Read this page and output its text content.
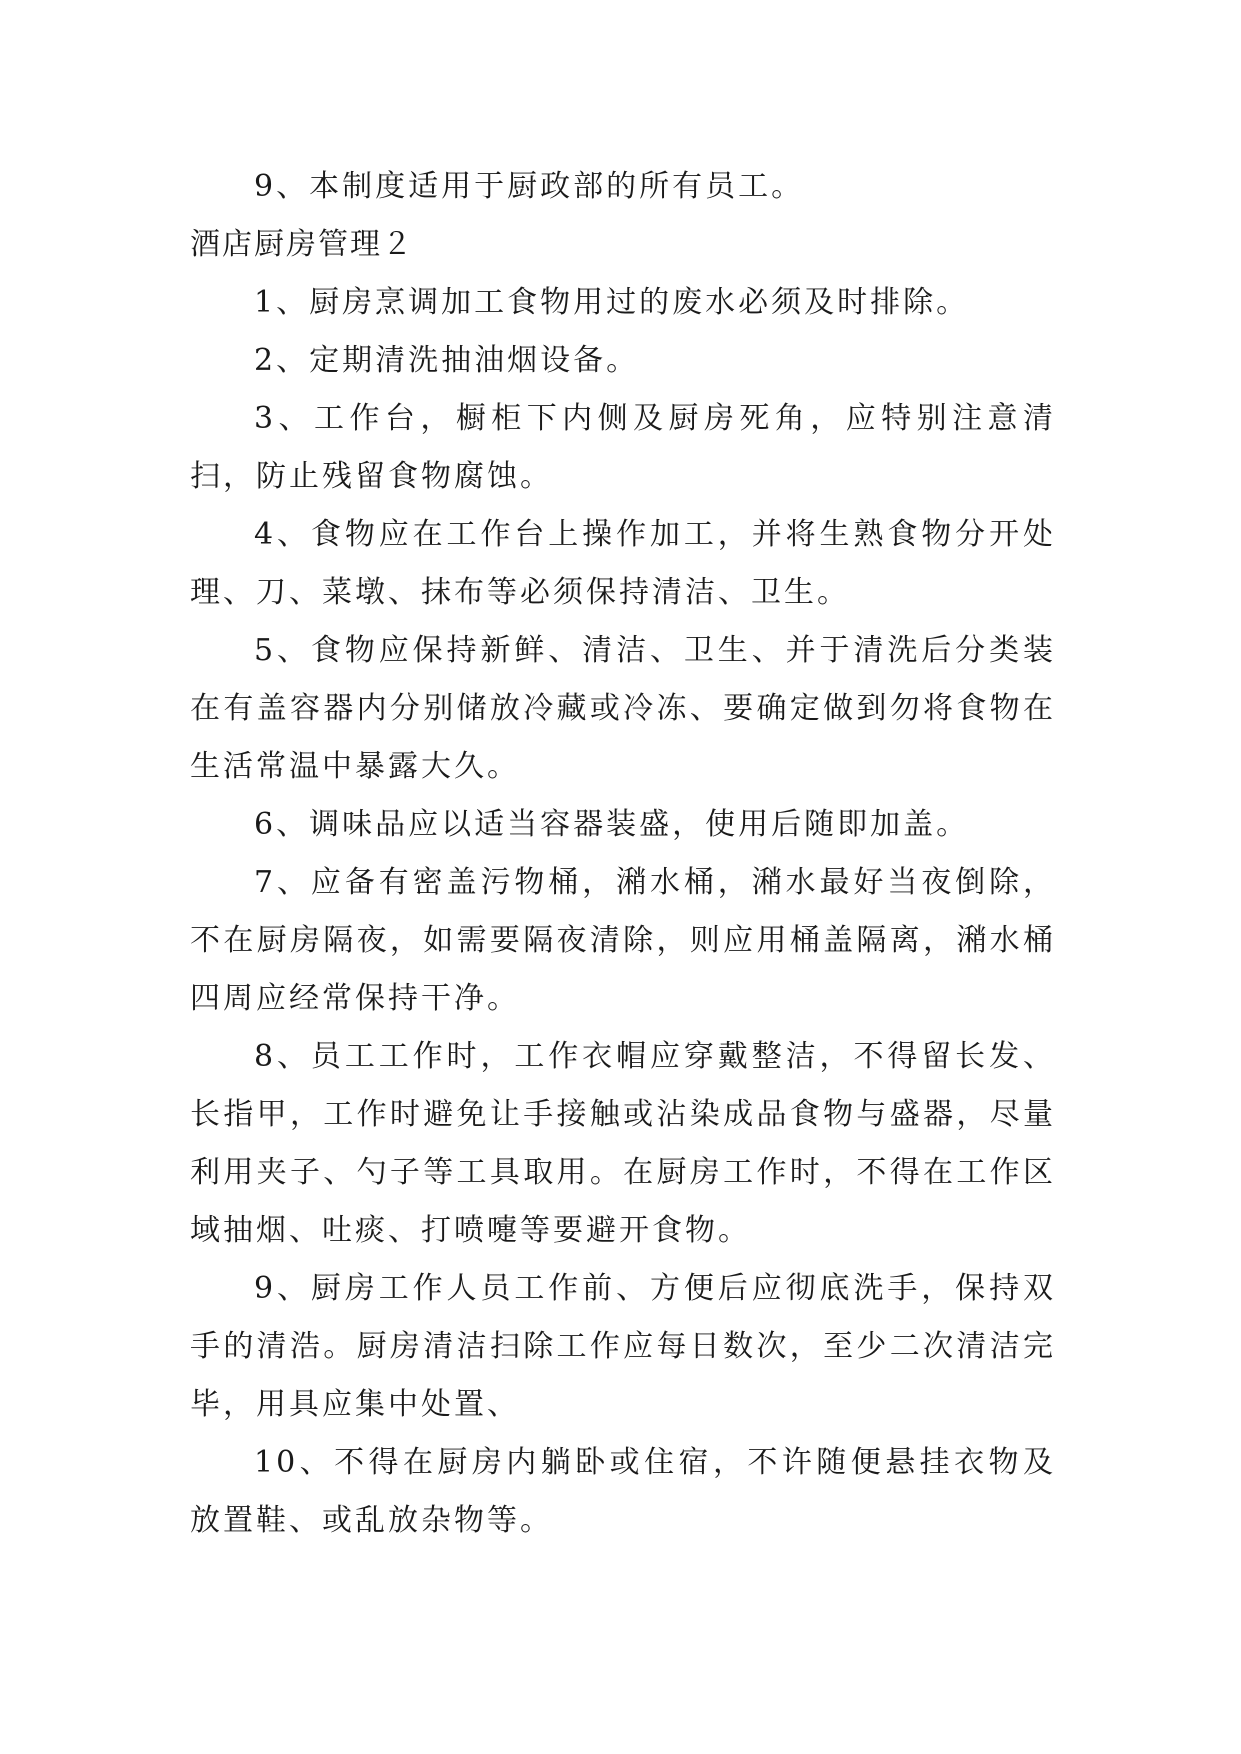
9、本制度适用于厨政部的所有员工。

酒店厨房管理２

1、厨房烹调加工食物用过的废水必须及时排除。

2、定期清洗抽油烟设备。

3、工作台，橱柜下内侧及厨房死角，应特别注意清扫，防止残留食物腐蚀。

4、食物应在工作台上操作加工，并将生熟食物分开处理、刀、菜墩、抹布等必须保持清洁、卫生。

5、食物应保持新鲜、清洁、卫生、并于清洗后分类装在有盖容器内分别储放冷藏或冷冻、要确定做到勿将食物在生活常温中暴露大久。

6、调味品应以适当容器装盛，使用后随即加盖。

7、应备有密盖污物桶，潲水桶，潲水最好当夜倒除，不在厨房隔夜，如需要隔夜清除，则应用桶盖隔离，潲水桶四周应经常保持干净。

8、员工工作时，工作衣帽应穿戴整洁，不得留长发、长指甲，工作时避免让手接触或沾染成品食物与盛器，尽量利用夹子、勺子等工具取用。在厨房工作时，不得在工作区域抽烟、吐痰、打喷嚏等要避开食物。

9、厨房工作人员工作前、方便后应彻底洗手，保持双手的清浩。厨房清洁扫除工作应每日数次，至少二次清洁完毕，用具应集中处置、

10、不得在厨房内躺卧或住宿，不许随便悬挂衣物及放置鞋、或乱放杂物等。
